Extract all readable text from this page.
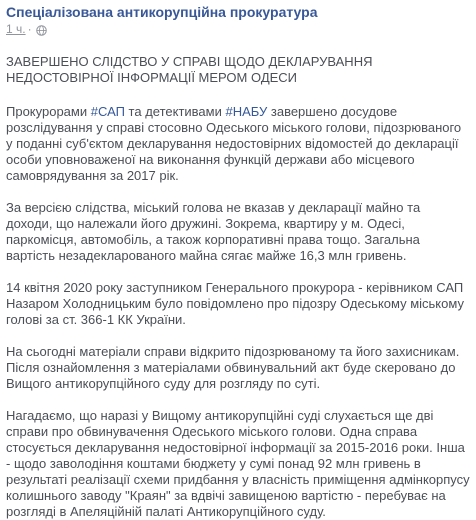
Спеціалізована антикорупційна прокуратура
1 ч. ·

ЗАВЕРШЕНО СЛІДСТВО У СПРАВІ ЩОДО ДЕКЛАРУВАННЯ НЕДОСТОВІРНОЇ ІНФОРМАЦІЇ МЕРОМ ОДЕСИ

Прокурорами #САП та детективами #НАБУ завершено досудове розслідування у справі стосовно Одеського міського голови, підозрюваного у поданні суб'єктом декларування недостовірних відомостей до декларації особи уповноваженої на виконання функцій держави або місцевого самоврядування за 2017 рік.

За версією слідства, міський голова не вказав у декларації майно та доходи, що належали його дружині. Зокрема, квартиру у м. Одесі, паркомісця, автомобіль, а також корпоративні права тощо. Загальна вартість незадекларованого майна сягає майже 16,3 млн гривень.

14 квітня 2020 року заступником Генерального прокурора - керівником САП Назаром Холодницьким було повідомлено про підозру Одеському міському голові за ст. 366-1 КК України.

На сьогодні матеріали справи відкрито підозрюваному та його захисникам. Після ознайомлення з матеріалами обвинувальний акт буде скеровано до Вищого антикорупційного суду для розгляду по суті.

Нагадаємо, що наразі у Вищому антикорупційні суді слухається ще дві справи про обвинувачення Одеського міського голови. Одна справа стосується декларування недостовірної інформації за 2015-2016 роки. Інша - щодо заволодіння коштами бюджету у сумі понад 92 млн гривень в результаті реалізації схеми придбання у власність приміщення адмінкорпусу колишнього заводу "Краян" за вдвічі завищеною вартістю - перебуває на розгляді в Апеляційній палаті Антикорупційного суду.
